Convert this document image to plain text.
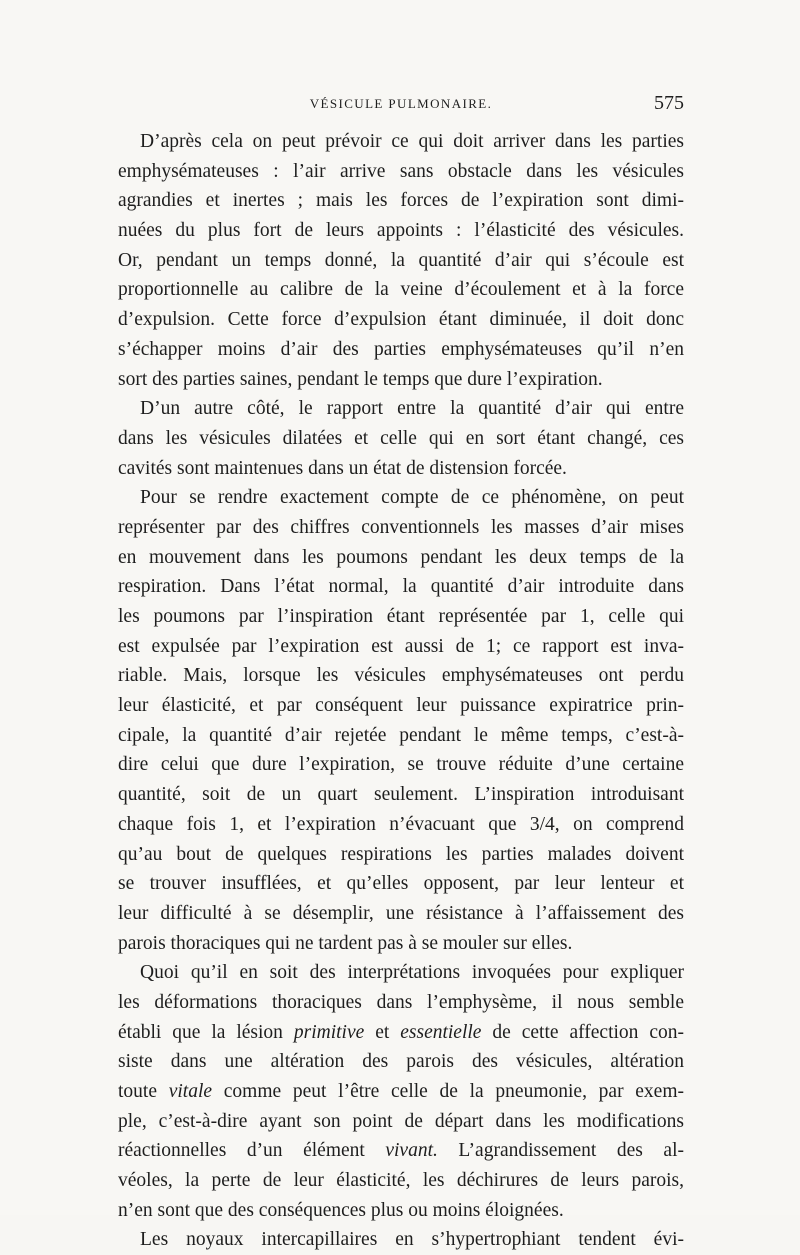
VÉSICULE PULMONAIRE.	575
D’après cela on peut prévoir ce qui doit arriver dans les parties
emphysémateuses : l’air arrive sans obstacle dans les vésicules
agrandies et inertes ; mais les forces de l’expiration sont dimi-
nuées du plus fort de leurs appoints : l’élasticité des vésicules.
Or, pendant un temps donné, la quantité d’air qui s’écoule est
proportionnelle au calibre de la veine d’écoulement et à la force
d’expulsion. Cette force d’expulsion étant diminuée, il doit donc
s’échapper moins d’air des parties emphysémateuses qu’il n’en
sort des parties saines, pendant le temps que dure l’expiration.
D’un autre côté, le rapport entre la quantité d’air qui entre
dans les vésicules dilatées et celle qui en sort étant changé, ces
cavités sont maintenues dans un état de distension forcée.
Pour se rendre exactement compte de ce phénomène, on peut
représenter par des chiffres conventionnels les masses d’air mises
en mouvement dans les poumons pendant les deux temps de la
respiration. Dans l’état normal, la quantité d’air introduite dans
les poumons par l’inspiration étant représentée par 1, celle qui
est expulsée par l’expiration est aussi de 1; ce rapport est inva-
riable. Mais, lorsque les vésicules emphysémateuses ont perdu
leur élasticité, et par conséquent leur puissance expiratrice prin-
cipale, la quantité d’air rejetée pendant le même temps, c’est-à-
dire celui que dure l’expiration, se trouve réduite d’une certaine
quantité, soit de un quart seulement. L’inspiration introduisant
chaque fois 1, et l’expiration n’évacuant que 3/4, on comprend
qu’au bout de quelques respirations les parties malades doivent
se trouver insufflées, et qu’elles opposent, par leur lenteur et
leur difficulté à se désemplir, une résistance à l’affaissement des
parois thoraciques qui ne tardent pas à se mouler sur elles.
Quoi qu’il en soit des interprétations invoquées pour expliquer
les déformations thoraciques dans l’emphysème, il nous semble
établi que la lésion primitive et essentielle de cette affection con-
siste dans une altération des parois des vésicules, altération
toute vitale comme peut l’être celle de la pneumonie, par exem-
ple, c’est-à-dire ayant son point de départ dans les modifications
réactionnelles d’un élément vivant. L’agrandissement des al-
véoles, la perte de leur élasticité, les déchirures de leurs parois,
n’en sont que des conséquences plus ou moins éloignées.
Les noyaux intercapillaires en s’hypertrophiant tendent évi-
